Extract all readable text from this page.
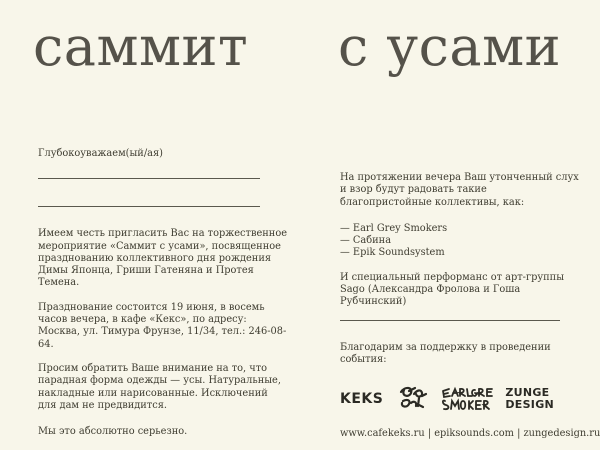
саммит с усами
Глубокоуважаем(ый/ая)
Имеем честь пригласить Вас на торжественное мероприятие «Саммит с усами», посвященное празднованию коллективного дня рождения Димы Японца, Гриши Гатеняна и Протея Темена.
Празднование состоится 19 июня, в восемь часов вечера, в кафе «Кекс», по адресу: Москва, ул. Тимура Фрунзе, 11/34, тел.: 246-08-64.
Просим обратить Ваше внимание на то, что парадная форма одежды — усы. Натуральные, накладные или нарисованные. Исключений для дам не предвидится.
Мы это абсолютно серьезно.
На протяжении вечера Ваш утонченный слух и взор будут радовать такие благопристойные коллективы, как:
— Earl Grey Smokers
— Сабина
— Epik Soundsystem
И специальный перформанс от арт-группы Sago (Александра Фролова и Гоша Рубчинский)
Благодарим за поддержку в проведении события:
KEKS	ZUNGE DESIGN
www.cafekeks.ru | epiksounds.com | zungedesign.ru
